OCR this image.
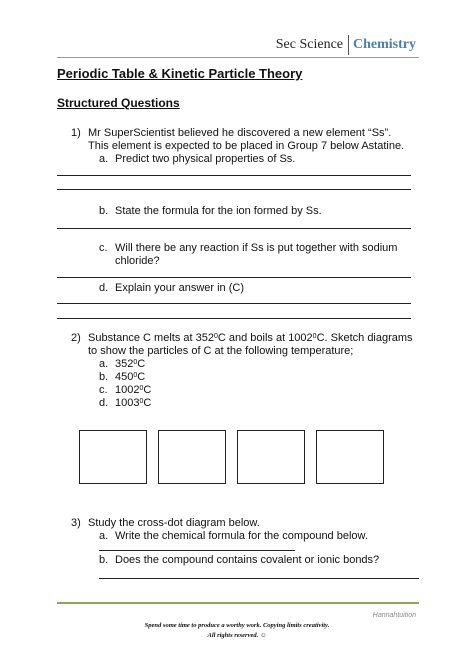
Sec Science Chemistry
Periodic Table & Kinetic Particle Theory
Structured Questions
1) Mr SuperScientist believed he discovered a new element “Ss”.
This element is expected to be placed in Group 7 below Astatine.
a. Predict two physical properties of Ss.
b. State the formula for the ion formed by Ss.
c. Will there be any reaction if Ss is put together with sodium
chloride?
d. Explain your answer in (C)
2) Substance C melts at $352^0C$ and boils at 1002$^0$C. Sketch diagrams
to show the particles of C at the following temperature;
a. $352^0C$
b. $450^0C$
c. 1002$^0$C
d. 1003$^0$C
3) Study the cross-dot diagram below.
a. Write the chemical formula for the compound below.
b. Does the compound contains covalent or ionic bonds?
Hannahtuition
Spend some time to produce a worthy work. Copying limits creativity.
All rights reserved. ☺
